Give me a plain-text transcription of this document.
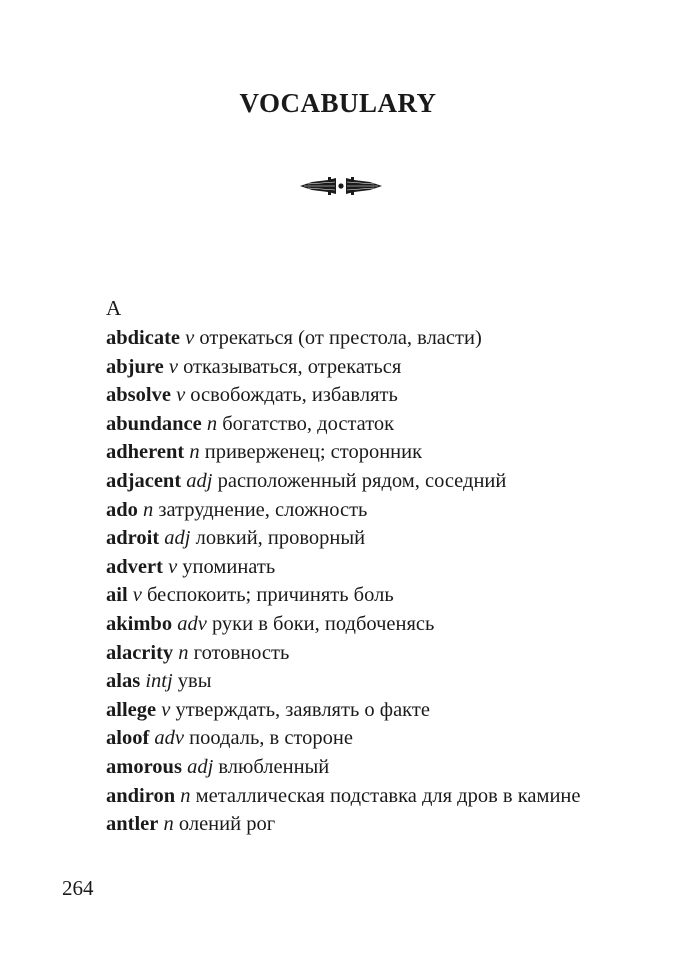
VOCABULARY
A
abdicate v отрекаться (от престола, власти)
abjure v отказываться, отрекаться
absolve v освобождать, избавлять
abundance n богатство, достаток
adherent n приверженец; сторонник
adjacent adj расположенный рядом, соседний
ado n затруднение, сложность
adroit adj ловкий, проворный
advert v упоминать
ail v беспокоить; причинять боль
akimbo adv руки в боки, подбоченясь
alacrity n готовность
alas intj увы
allege v утверждать, заявлять о факте
aloof adv поодаль, в стороне
amorous adj влюбленный
andiron n металлическая подставка для дров в камине
antler n олений рог
264
